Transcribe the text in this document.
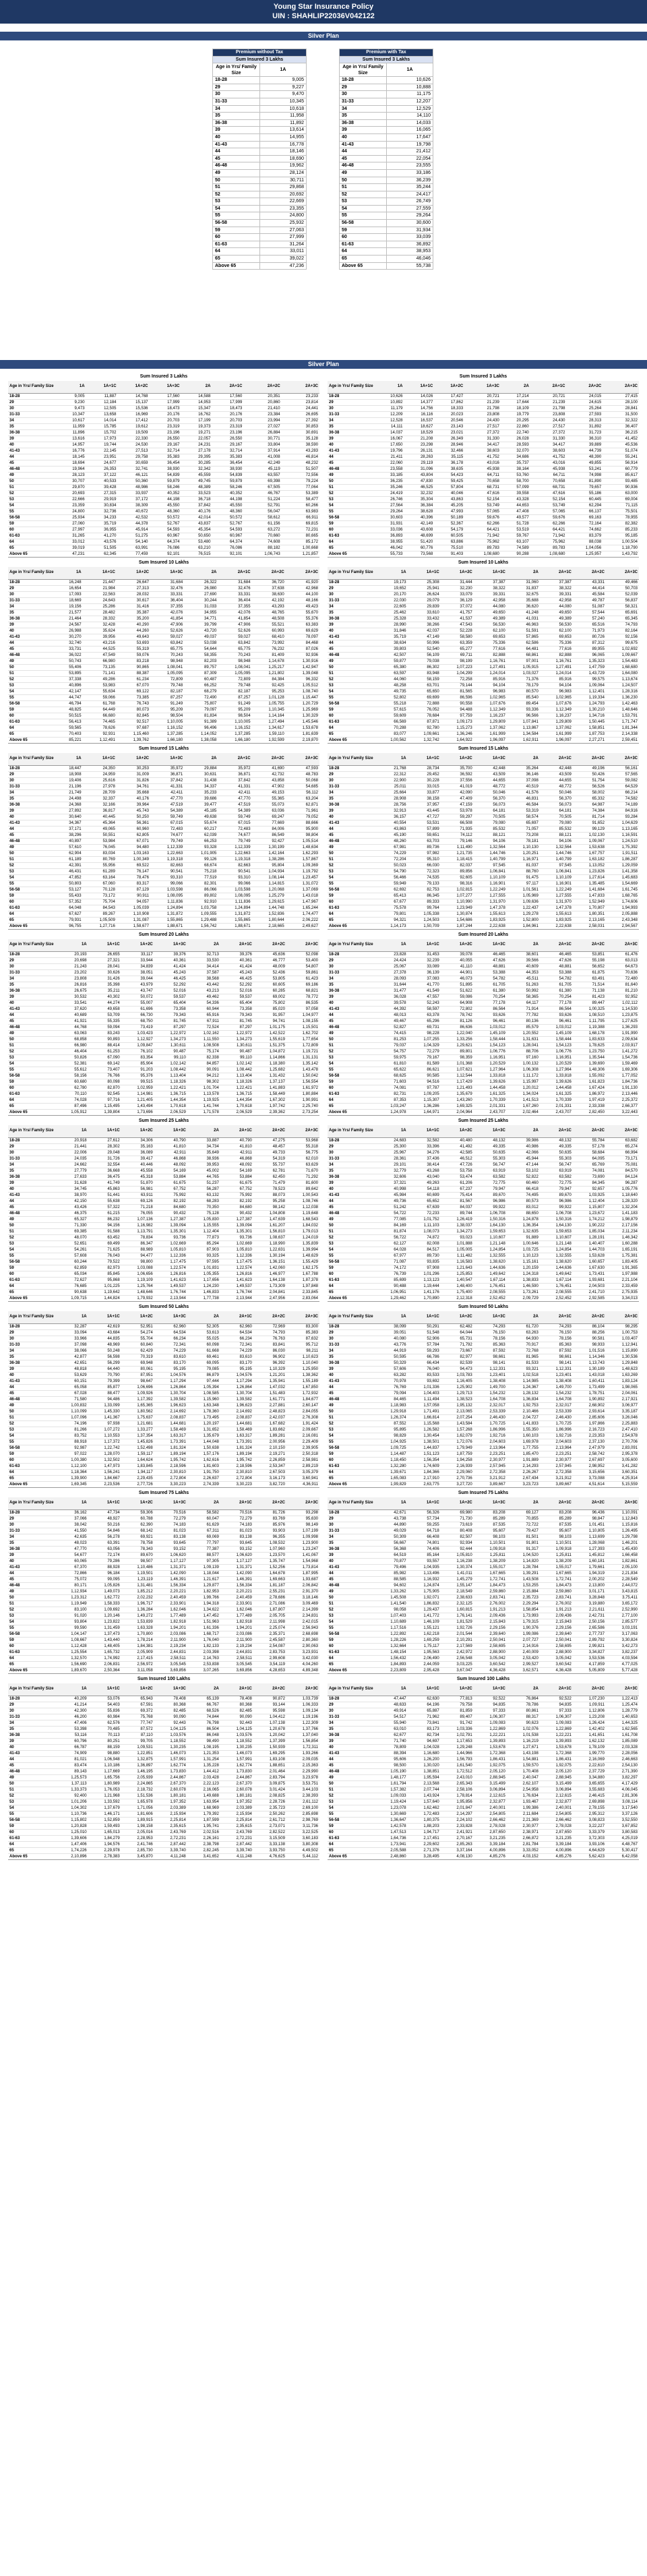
Young Star Insurance Policy
UIN : SHAHLIP22036V042122
Silver Plan
Premium without Tax	
Sum Insured 3 Lakhs	
Age in Yrs/ Family Size	1A
18-28	9,005
29	9,227
30	9,470
31-33	10,345
34	10,618
35	11,958
36-38	11,892
39	13,614
40	14,955
41-43	16,778
44	18,146
45	18,690
46-48	19,962
49	28,124
50	30,711
51	29,868
52	20,692
53	22,669
54	23,355
55	24,800
56-58	25,932
59	27,063
60	27,999
61-63	31,264
64	33,011
65	39,022
Above 65	47,236
Premium with Tax	
Sum Insured 3 Lakhs	
Age in Yrs/ Family Size	1A
18-28	10,626
29	10,888
30	11,175
31-33	12,207
34	12,529
35	14,110
36-38	14,033
39	16,065
40	17,647
41-43	19,798
44	21,412
45	22,054
46-48	23,555
49	33,186
50	36,239
51	35,244
52	24,417
53	26,749
54	27,559
55	29,264
56-58	30,600
59	31,934
60	33,039
61-63	36,892
64	38,953
65	46,046
Above 65	55,738
Silver Plan
Sum Insured 3 Lakhs
Age in Yrs/ Family Size	1A	1A+1C	1A+2C	1A+3C	2A	2A+1C	2A+2C	2A+3C
18-28	9,005	11,887	14,768	17,560	14,588	17,560	20,351	23,233
29	9,230	12,184	15,137	17,999	14,953	17,999	20,860	23,814
30	9,473	12,505	15,536	18,473	15,347	18,473	21,410	24,441
31-33	10,347	13,658	16,969	20,176	16,762	20,176	23,384	26,695
34	10,617	14,014	17,412	20,703	17,199	20,703	23,994	27,392
35	11,959	15,785	19,612	23,319	19,373	23,319	27,027	30,853
36-38	11,896	15,702	19,509	23,196	19,271	23,196	26,884	30,691
39	13,616	17,973	22,330	26,550	22,057	26,550	30,771	35,128
40	14,957	19,744	24,530	29,167	24,231	29,167	33,804	38,590
41-43	16,776	22,145	27,513	32,714	27,178	32,714	37,914	43,283
44	18,145	23,951	29,758	35,383	29,395	35,383	41,008	46,814
45	18,694	24,677	30,659	36,454	30,285	36,454	42,249	48,232
46-48	19,964	26,353	32,741	38,930	32,342	38,930	45,119	51,507
49	28,123	37,122	46,121	54,839	45,559	54,839	63,557	72,556
50	30,707	40,533	50,360	59,879	49,745	59,879	69,398	79,224
51	29,870	39,428	48,986	58,246	48,389	58,246	67,505	77,064
52	20,693	27,315	33,937	40,352	33,523	40,352	46,767	53,389
53	22,666	29,919	37,172	44,198	36,718	44,198	51,224	58,477
54	23,359	30,834	38,309	45,550	37,842	45,550	52,791	60,266
55	24,800	32,736	40,672	48,360	40,176	48,360	56,047	63,983
56-58	25,934	34,233	42,532	50,572	42,014	50,572	58,612	66,911
59	27,060	35,719	44,378	52,767	43,837	52,767	61,156	69,815
60	27,997	36,955	45,914	54,593	45,354	54,593	63,272	72,231
61-63	31,265	41,270	51,275	60,967	50,650	60,967	70,660	80,665
64	33,012	43,576	54,140	64,374	53,480	64,374	74,608	85,172
65	39,019	51,505	63,991	76,086	63,210	76,086	88,182	1,00,668
Above 65	47,231	62,345	77,459	92,101	76,515	92,101	1,06,743	1,21,857
Sum Insured 3 Lakhs
Age in Yrs/ Family Size	1A	1A+1C	1A+2C	1A+3C	2A	2A+1C	2A+2C	2A+3C
18-28	10,626	14,026	17,427	20,721	17,214	20,721	24,015	27,415
29	10,892	14,377	17,862	21,239	17,644	21,239	24,615	28,100
30	11,179	14,756	18,333	21,798	18,109	21,798	25,264	28,841
31-33	12,209	16,116	20,023	23,808	19,779	23,808	27,593	31,500
34	12,528	16,537	20,546	24,430	20,295	24,430	28,313	32,322
35	14,111	18,627	23,143	27,517	22,860	27,517	31,892	36,407
36-38	14,037	18,529	23,021	27,372	22,740	27,372	31,723	36,215
39	16,067	21,208	26,349	31,330	26,028	31,330	36,310	41,452
40	17,650	23,298	28,946	34,417	28,593	34,417	39,889	45,536
41-43	19,796	26,131	32,466	38,603	32,070	38,603	44,739	51,074
44	21,411	28,263	35,115	41,752	34,686	41,752	48,390	55,241
45	22,060	29,119	36,178	43,016	35,737	43,016	49,855	56,914
46-48	23,558	31,096	38,635	45,938	38,164	45,938	53,241	60,779
49	33,185	43,804	54,423	64,711	53,760	64,711	74,998	85,617
50	36,235	47,830	59,425	70,658	58,700	70,658	81,890	93,485
51	35,246	46,525	57,804	68,731	57,099	68,731	79,657	90,936
52	24,419	32,232	40,046	47,616	39,558	47,616	55,186	63,000
53	26,746	35,304	43,863	52,154	43,328	52,154	60,445	69,004
54	27,564	36,384	45,205	53,749	44,653	53,749	62,294	71,115
55	29,264	38,628	47,993	57,065	47,408	57,065	66,137	75,501
56-58	30,603	40,396	50,189	59,676	49,577	59,676	69,163	78,955
59	31,931	42,149	52,367	62,266	51,728	62,266	72,164	82,382
60	33,036	43,608	54,179	64,421	53,519	64,421	74,662	85,233
61-63	36,893	48,699	60,505	71,942	59,767	71,942	83,379	95,185
64	38,955	51,420	63,886	75,962	63,107	75,962	88,038	1,00,504
65	46,042	60,776	75,510	89,783	74,589	89,783	1,04,056	1,18,790
Above 65	55,733	73,568	91,403	1,08,680	90,288	1,08,680	1,25,957	1,43,792
Sum Insured 10 Lakhs
Age in Yrs/ Family Size	1A	1A+1C	1A+2C	1A+3C	2A	2A+1C	2A+2C	2A+3C
18-28	16,248	21,447	26,647	31,684	26,322	31,684	36,720	41,920
29	16,654	21,984	27,313	32,476	26,980	32,476	37,638	42,968
30	17,093	22,563	28,032	33,331	27,690	33,331	38,630	44,100
31-33	18,669	24,643	30,617	36,404	30,244	36,404	42,192	48,166
34	19,156	25,286	31,416	37,355	31,033	37,355	43,293	49,423
35	21,577	28,482	35,387	42,076	34,955	42,076	48,765	55,670
36-38	21,464	28,332	35,200	41,854	34,771	41,854	48,508	55,376
39	24,567	32,428	40,290	47,906	39,799	47,906	55,521	63,383
40	26,988	35,624	44,260	52,626	43,720	52,626	60,993	69,629
41-43	30,270	39,956	49,643	59,027	49,037	59,027	68,410	78,097
44	32,740	43,216	53,693	63,842	53,038	63,842	73,992	84,468
45	33,731	44,525	55,319	65,775	54,644	65,775	76,232	87,026
46-48	36,022	47,549	59,076	70,243	58,355	70,243	81,409	92,936
49	50,743	66,980	83,218	98,948	82,203	98,948	1,14,678	1,30,916
50	55,406	73,135	90,865	1,08,041	89,757	1,08,041	1,25,217	1,42,947
51	53,895	71,141	88,387	1,05,095	87,309	1,05,095	1,21,802	1,39,048
52	37,338	49,286	61,234	72,809	60,487	72,809	84,384	96,332
53	40,896	53,983	67,070	79,748	66,252	79,748	92,425	1,05,512
54	42,147	55,634	69,122	82,187	68,279	82,187	95,253	1,08,740
55	44,747	59,066	73,385	87,257	72,490	87,257	1,01,128	1,15,447
56-58	46,794	61,768	76,743	91,249	75,807	91,249	1,05,755	1,20,729
59	48,825	64,449	80,073	95,209	79,097	95,209	1,10,345	1,25,969
60	50,515	66,680	82,845	98,504	81,834	98,504	1,14,164	1,30,329
61-63	56,413	74,465	92,517	1,10,005	91,389	1,10,005	1,27,494	1,45,546
64	59,565	78,626	97,687	1,16,152	96,496	1,16,152	1,34,617	1,53,678
65	70,403	92,931	1,15,460	1,37,285	1,14,052	1,37,285	1,59,110	1,81,639
Above 65	85,221	1,12,491	1,39,762	1,66,180	1,38,058	1,66,180	1,92,599	2,19,870
Sum Insured 10 Lakhs
Age in Yrs/ Family Size	1A	1A+1C	1A+2C	1A+3C	2A	2A+1C	2A+2C	2A+3C
18-28	19,173	25,308	31,444	37,387	31,060	37,387	43,331	49,466
29	19,652	25,941	32,230	38,322	31,837	38,322	44,414	50,703
30	20,170	26,624	33,079	39,331	32,675	39,331	45,584	52,039
31-33	22,030	29,079	36,129	42,958	35,688	42,958	49,787	56,837
34	22,605	29,839	37,072	44,080	36,620	44,080	51,087	58,321
35	25,462	33,610	41,757	49,650	41,248	49,650	57,544	65,691
36-38	25,328	33,432	41,537	49,389	41,031	49,389	57,240	65,345
39	28,990	38,266	47,543	56,530	46,963	56,530	65,516	74,793
40	31,846	42,037	52,228	62,100	51,591	62,100	71,973	82,164
41-43	35,719	47,149	58,580	69,653	57,865	69,653	80,726	92,156
44	38,634	50,996	63,359	75,336	62,586	75,336	87,312	99,675
45	39,803	52,540	65,277	77,616	64,481	77,616	89,955	1,02,692
46-48	42,507	56,109	69,711	82,888	68,861	82,888	96,065	1,09,667
49	59,877	79,038	98,199	1,16,761	97,001	1,16,761	1,35,323	1,54,483
50	65,380	86,302	1,07,223	1,27,491	1,05,915	1,27,491	1,47,759	1,68,680
51	63,597	83,948	1,04,299	1,24,014	1,03,027	1,24,014	1,43,729	1,64,080
52	44,060	58,159	72,258	85,916	71,376	85,916	99,575	1,13,674
53	48,258	63,701	79,144	94,104	78,179	94,104	1,09,064	1,24,507
54	49,735	65,650	81,565	96,983	80,570	96,983	1,12,401	1,28,316
55	52,802	69,699	86,596	1,02,965	85,540	1,02,965	1,19,334	1,36,230
56-58	55,218	72,888	90,558	1,07,676	89,454	1,07,676	1,24,793	1,42,463
59	57,615	76,052	94,488	1,12,349	93,336	1,12,349	1,30,210	1,48,646
60	59,609	78,684	97,759	1,16,237	96,566	1,16,237	1,34,716	1,53,791
61-63	66,569	87,871	1,09,173	1,29,809	1,07,841	1,29,809	1,50,445	1,71,747
64	70,288	92,780	1,15,273	1,37,062	1,13,867	1,37,062	1,58,851	1,81,344
65	83,077	1,09,661	1,36,246	1,61,999	1,34,584	1,61,999	1,87,753	2,14,338
Above 65	1,00,562	1,32,742	1,64,922	1,96,097	1,62,911	1,96,097	2,27,271	2,59,451
Sum Insured 15 Lakhs
Age in Yrs/ Family Size	1A	1A+1C	1A+2C	1A+3C	2A	2A+1C	2A+2C	2A+3C
18-28	18,447	24,350	30,253	35,972	29,884	35,972	41,690	47,593
29	18,908	24,959	31,009	36,871	30,631	36,871	42,732	48,783
30	19,406	25,616	31,826	37,842	31,438	37,842	43,858	50,068
31-33	21,196	27,978	34,761	41,331	34,337	41,331	47,902	54,685
34	21,749	28,709	35,668	42,411	35,233	42,411	49,153	56,112
35	24,498	32,337	40,176	47,770	39,686	47,770	55,365	63,204
36-38	24,368	32,166	39,964	47,519	39,477	47,519	55,073	62,871
39	27,892	36,817	45,743	54,389	45,185	54,389	63,036	71,961
40	30,640	40,445	50,250	59,749	49,638	59,749	69,247	79,052
41-43	34,367	45,364	56,361	67,015	55,674	67,015	77,669	88,666
44	37,171	49,065	60,960	72,483	60,217	72,483	84,006	95,900
45	38,296	50,551	62,805	74,677	62,039	74,677	86,549	98,804
46-48	40,897	53,984	67,071	79,749	66,253	79,749	92,427	1,05,514
49	57,610	76,045	94,480	1,12,339	93,328	1,12,339	1,30,199	1,48,634
50	62,904	83,034	1,03,163	1,22,663	1,01,905	1,22,663	1,42,164	1,62,293
51	61,189	80,769	1,00,349	1,19,318	99,126	1,19,318	1,38,286	1,57,867
52	42,391	55,956	69,522	82,663	68,674	82,663	95,804	1,09,369
53	46,431	61,289	76,147	90,541	75,218	90,541	1,04,934	1,19,792
54	47,852	63,164	78,476	93,310	77,519	93,310	1,08,144	1,23,457
55	50,803	67,060	83,317	99,066	82,301	99,066	1,14,815	1,31,072
56-58	53,127	70,128	87,129	1,03,598	86,066	1,03,598	1,20,068	1,37,069
59	55,433	73,172	90,911	1,08,095	89,802	1,08,095	1,25,279	1,43,018
60	57,352	75,704	94,057	1,11,836	92,910	1,11,836	1,29,615	1,47,967
61-63	64,048	84,543	1,05,039	1,24,894	1,03,758	1,24,894	1,44,748	1,65,244
64	67,627	89,267	1,10,908	1,31,872	1,09,555	1,31,872	1,52,836	1,74,477
65	79,931	1,05,509	1,31,087	1,55,865	1,29,488	1,55,865	1,80,644	2,06,222
Above 65	96,755	1,27,716	1,58,677	1,88,671	1,56,742	1,88,671	2,18,665	2,49,627
Sum Insured 15 Lakhs
Age in Yrs/ Family Size	1A	1A+1C	1A+2C	1A+3C	2A	2A+1C	2A+2C	2A+3C
18-28	21,768	28,734	35,700	42,448	35,264	42,448	49,196	56,161
29	22,312	29,452	36,592	43,509	36,146	43,509	50,426	57,565
30	22,900	30,228	37,556	44,655	37,098	44,655	51,754	59,082
31-33	25,011	33,015	41,019	48,772	40,519	48,772	56,526	64,529
34	25,664	33,877	42,090	50,046	41,576	50,046	58,002	66,214
35	28,908	38,158	47,409	56,370	46,831	56,370	65,332	74,582
36-38	28,756	37,957	47,159	56,073	46,584	56,073	64,987	74,189
39	32,913	43,445	53,978	64,181	53,319	64,181	74,384	84,916
40	36,157	47,727	59,297	70,505	58,574	70,505	81,714	93,284
41-43	40,554	53,531	66,508	79,080	65,697	79,080	91,652	1,04,629
44	43,863	57,899	71,935	85,532	71,057	85,532	99,129	1,13,165
45	45,190	59,651	74,112	88,121	73,208	88,121	1,02,130	1,16,591
46-48	48,260	63,703	79,146	94,106	78,181	94,106	1,09,067	1,24,510
49	67,981	89,736	1,11,490	1,32,564	1,10,130	1,32,564	1,53,638	1,75,392
50	74,229	97,982	1,21,735	1,44,746	1,20,251	1,44,746	1,67,757	1,91,511
51	72,204	95,310	1,18,415	1,40,799	1,16,971	1,40,799	1,63,182	1,86,287
52	50,023	66,030	82,037	97,545	81,037	97,545	1,13,052	1,29,059
53	54,790	72,323	89,856	1,06,841	88,760	1,06,841	1,23,826	1,41,358
54	56,466	74,535	92,605	1,10,109	91,475	1,10,109	1,27,614	1,45,683
55	59,949	79,133	98,316	1,16,901	97,117	1,16,901	1,35,485	1,54,669
56-58	62,692	82,753	1,02,815	1,22,249	1,01,561	1,22,249	1,41,684	1,61,745
59	65,413	86,345	1,07,277	1,27,555	1,05,969	1,27,555	1,47,833	1,68,765
60	67,677	89,333	1,10,990	1,31,970	1,09,636	1,31,970	1,52,949	1,74,606
61-63	75,578	99,764	1,23,949	1,47,378	1,22,437	1,47,378	1,70,807	1,94,993
64	79,801	1,05,338	1,30,874	1,55,613	1,29,278	1,55,613	1,80,351	2,05,888
65	94,321	1,24,503	1,54,686	1,83,925	1,52,800	1,83,925	2,13,165	2,43,348
Above 65	1,14,173	1,50,709	1,87,244	2,22,638	1,84,961	2,22,638	2,58,031	2,94,567
Sum Insured 20 Lakhs
Age in Yrs/ Family Size	1A	1A+1C	1A+2C	1A+3C	2A	2A+1C	2A+2C	2A+3C
18-28	20,193	26,655	33,117	39,376	32,713	39,376	45,636	52,098
29	20,698	27,321	33,944	40,361	33,530	40,361	46,777	53,400
30	21,243	28,041	34,839	41,424	34,414	41,424	48,009	54,807
31-33	23,202	30,626	38,051	45,243	37,587	45,243	52,436	59,861
34	23,808	31,426	39,044	46,425	38,568	46,425	53,805	61,423
35	26,816	35,398	43,979	52,292	43,442	52,292	60,605	69,186
36-38	26,675	35,211	43,747	52,016	43,213	52,016	60,285	68,821
39	30,532	40,302	50,072	59,537	49,462	59,537	69,002	78,772
40	33,541	44,274	55,007	65,404	54,336	65,404	75,802	86,535
41-43	37,620	49,658	61,696	73,358	60,944	73,358	85,020	97,058
44	40,689	53,709	66,730	79,343	65,916	79,343	91,957	1,04,977
45	41,921	55,335	68,750	81,745	67,911	81,745	94,741	1,08,155
46-48	44,768	59,094	73,419	87,297	72,524	87,297	1,01,175	1,15,501
49	63,063	83,243	1,03,423	1,22,972	1,02,162	1,22,972	1,42,522	1,62,702
50	68,858	90,893	1,12,927	1,34,273	1,11,550	1,34,273	1,55,619	1,77,654
51	66,980	88,414	1,09,847	1,30,611	1,08,508	1,30,611	1,51,375	1,72,809
52	46,404	61,253	76,102	90,487	75,174	90,487	1,04,872	1,19,721
53	50,826	67,090	83,354	99,110	82,338	99,110	1,14,866	1,31,131
54	52,381	69,142	85,904	1,02,142	84,857	1,02,142	1,18,380	1,35,142
55	55,612	73,407	91,203	1,08,442	90,091	1,08,442	1,25,682	1,43,478
56-58	58,156	76,766	95,376	1,13,404	94,212	1,13,404	1,31,432	1,50,042
59	60,680	80,098	99,515	1,18,326	98,302	1,18,326	1,37,137	1,56,554
60	62,780	82,870	1,02,959	1,22,421	1,01,704	1,22,421	1,41,883	1,61,972
61-63	70,110	92,545	1,14,981	1,36,715	1,13,578	1,36,715	1,58,449	1,80,884
64	74,028	97,716	1,21,405	1,44,354	1,19,925	1,44,354	1,67,302	1,90,991
65	87,496	1,15,495	1,43,494	1,70,618	1,41,744	1,70,618	1,97,742	2,25,740
Above 65	1,05,912	1,39,804	1,73,696	2,06,529	1,71,578	2,06,529	2,39,362	2,73,254
Sum Insured 20 Lakhs
Age in Yrs/ Family Size	1A	1A+1C	1A+2C	1A+3C	2A	2A+1C	2A+2C	2A+3C
18-28	23,828	31,453	39,078	46,465	38,601	46,465	53,851	61,476
29	24,424	32,239	40,055	47,626	39,566	47,626	55,198	63,013
30	25,067	33,089	41,110	48,881	40,609	48,881	56,652	64,673
31-33	27,378	36,139	44,901	53,388	44,353	53,388	61,875	70,636
34	28,093	37,083	46,073	54,782	45,511	54,782	63,491	72,480
35	31,644	41,770	51,895	61,705	51,263	61,705	71,514	81,640
36-38	31,477	41,549	51,622	61,380	50,992	61,380	71,138	81,210
39	36,028	47,557	59,086	70,254	58,365	70,254	81,423	92,952
40	39,578	52,243	64,908	77,178	64,117	77,178	89,447	1,02,112
41-43	44,392	58,597	72,802	86,564	71,914	86,564	1,00,325	1,14,530
44	48,013	63,378	78,742	93,626	77,782	93,626	1,08,510	1,23,875
45	49,467	65,296	81,126	96,461	80,136	96,461	1,11,795	1,27,625
46-48	52,827	69,731	86,636	1,03,012	85,579	1,03,012	1,19,388	1,36,293
49	74,415	98,228	1,22,040	1,45,109	1,20,552	1,45,109	1,68,178	1,91,990
50	81,253	1,07,255	1,33,256	1,58,444	1,31,631	1,58,444	1,83,633	2,09,634
51	79,037	1,04,329	1,29,621	1,54,123	1,28,041	1,54,123	1,78,625	2,03,917
52	54,757	72,279	89,801	1,06,776	88,706	1,06,776	1,23,750	1,41,272
53	59,975	79,167	98,359	1,16,951	97,160	1,16,951	1,35,544	1,54,736
54	61,810	81,589	1,01,368	1,20,529	1,00,132	1,20,529	1,39,690	1,59,469
55	65,622	86,621	1,07,621	1,27,964	1,06,308	1,27,964	1,48,306	1,69,306
56-58	68,625	90,585	1,12,544	1,33,818	1,11,172	1,33,818	1,55,092	1,77,052
59	71,603	94,516	1,17,429	1,39,626	1,15,997	1,39,626	1,61,823	1,84,736
60	74,081	97,787	1,21,493	1,44,458	1,20,012	1,44,458	1,67,424	1,91,130
61-63	82,731	1,09,205	1,35,679	1,61,325	1,34,024	1,61,325	1,86,972	2,13,446
64	87,353	1,15,307	1,43,260	1,70,339	1,41,513	1,70,339	1,97,419	2,25,372
65	1,03,247	1,36,286	1,69,325	2,01,331	1,67,260	2,01,331	2,33,338	2,66,377
Above 65	1,24,978	1,64,971	2,04,964	2,43,707	2,02,464	2,43,707	2,82,450	3,22,443
Sum Insured 25 Lakhs
Age in Yrs/ Family Size	1A	1A+1C	1A+2C	1A+3C	2A	2A+1C	2A+2C	2A+3C
18-28	20,918	27,612	34,306	40,790	33,887	40,790	47,275	53,968
29	21,441	28,302	35,163	41,810	34,734	41,810	48,457	55,318
30	22,006	29,048	36,089	42,911	35,649	42,911	49,733	56,775
31-33	24,035	31,726	39,417	46,868	38,936	46,868	54,319	62,010
34	24,662	32,554	40,446	48,092	39,953	48,092	55,737	63,629
35	27,779	36,668	45,558	54,169	45,002	54,169	62,781	71,670
36-38	27,633	36,475	45,318	53,884	44,765	53,884	62,450	71,292
39	31,628	41,749	51,870	61,675	51,237	61,675	71,479	81,600
40	34,745	45,863	56,981	67,752	56,287	67,752	78,523	89,642
41-43	38,970	51,441	63,911	75,992	63,132	75,992	88,073	1,00,543
44	42,150	55,638	69,126	82,192	68,283	82,192	95,258	1,08,746
45	43,426	57,322	71,218	84,680	70,350	84,680	98,142	1,12,038
46-48	46,375	61,215	76,055	90,432	75,128	90,432	1,04,808	1,19,648
49	65,327	86,232	1,07,136	1,27,387	1,05,830	1,27,387	1,47,639	1,68,543
50	71,330	94,156	1,16,982	1,39,094	1,15,555	1,39,094	1,61,207	1,84,032
51	69,385	91,588	1,13,791	1,35,301	1,12,404	1,35,301	1,56,810	1,79,013
52	48,070	63,452	78,834	93,736	77,873	93,736	1,08,637	1,24,019
53	52,651	69,499	86,347	1,02,669	85,294	1,02,669	1,18,990	1,35,839
54	54,261	71,625	88,989	1,05,810	87,903	1,05,810	1,22,631	1,39,994
55	57,608	76,043	94,477	1,12,336	93,325	1,12,336	1,30,194	1,48,629
56-58	60,244	79,522	98,800	1,17,475	97,595	1,17,475	1,36,151	1,55,429
59	62,859	82,973	1,03,088	1,22,574	1,01,831	1,22,574	1,42,060	1,62,175
60	65,034	85,845	1,06,656	1,26,816	1,05,355	1,26,816	1,46,977	1,67,788
61-63	72,627	95,868	1,19,109	1,41,623	1,17,656	1,41,623	1,64,138	1,87,378
64	76,685	1,01,225	1,25,764	1,49,537	1,24,230	1,49,537	1,73,309	1,97,848
65	90,638	1,19,642	1,48,646	1,76,744	1,46,833	1,76,744	2,04,841	2,33,845
Above 65	1,09,715	1,44,824	1,79,932	2,13,944	1,77,738	2,13,944	2,47,956	2,83,064
Sum Insured 25 Lakhs
Age in Yrs/ Family Size	1A	1A+1C	1A+2C	1A+3C	2A	2A+1C	2A+2C	2A+3C
18-28	24,683	32,582	40,480	48,132	39,986	48,132	55,784	63,682
29	25,300	33,396	41,492	49,335	40,986	49,335	57,178	65,274
30	25,967	34,276	42,585	50,635	42,066	50,635	58,684	66,994
31-33	28,361	37,436	46,512	55,303	45,944	55,303	64,095	73,171
34	29,101	38,414	47,726	56,747	47,144	56,747	65,769	75,081
35	32,779	43,268	53,758	63,919	53,102	63,919	74,081	84,570
36-38	32,606	43,040	53,474	63,582	52,822	63,582	73,690	84,124
39	37,321	49,263	61,206	72,775	60,460	72,775	84,345	96,287
40	40,998	54,118	67,237	79,947	66,418	79,947	92,657	1,05,776
41-43	45,984	60,699	75,414	89,670	74,495	89,670	1,03,925	1,18,640
44	49,736	65,652	81,567	96,986	80,573	96,986	1,12,404	1,28,320
45	51,242	67,639	84,037	99,922	83,012	99,922	1,15,807	1,32,204
46-48	54,722	72,233	89,744	1,06,708	88,650	1,06,708	1,23,672	1,41,183
49	77,085	1,01,752	1,26,419	1,50,316	1,24,878	1,50,316	1,74,212	1,98,879
50	84,169	1,11,103	1,38,037	1,64,130	1,36,354	1,64,130	1,90,222	2,17,156
51	81,874	1,08,073	1,34,273	1,59,653	1,32,635	1,59,653	1,85,034	2,11,234
52	56,722	74,872	93,023	1,10,607	91,889	1,10,607	1,28,191	1,46,342
53	62,127	82,008	1,01,888	1,21,148	1,00,646	1,21,148	1,40,407	1,60,288
54	64,028	84,517	1,05,005	1,24,854	1,03,725	1,24,854	1,44,703	1,65,191
55	67,977	89,730	1,11,482	1,32,555	1,10,123	1,32,555	1,53,628	1,75,381
56-58	71,087	93,835	1,16,583	1,38,620	1,15,161	1,38,620	1,60,657	1,83,405
59	74,172	97,908	1,21,643	1,44,636	1,20,159	1,44,636	1,67,630	1,91,365
60	76,739	1,01,296	1,25,853	1,49,642	1,24,318	1,49,642	1,73,431	1,97,988
61-63	85,699	1,13,123	1,40,547	1,67,114	1,38,833	1,67,114	1,93,681	2,21,104
64	90,488	1,19,444	1,48,400	1,76,451	1,46,590	1,76,451	2,04,503	2,33,459
65	1,06,951	1,41,176	1,75,400	2,08,555	1,73,261	2,08,555	2,41,710	2,75,935
Above 65	1,29,462	1,70,890	2,12,318	2,52,452	2,09,729	2,52,452	2,92,585	3,34,013
Sum Insured 50 Lakhs
Age in Yrs/ Family Size	1A	1A+1C	1A+2C	1A+3C	2A	2A+1C	2A+2C	2A+3C
18-28	32,287	42,619	52,951	62,960	52,305	62,960	72,969	83,300
29	33,094	43,684	54,274	64,534	53,613	64,534	74,793	85,383
30	33,966	44,835	55,704	66,234	55,025	66,234	76,763	87,632
31-33	37,098	48,969	60,840	72,341	60,098	72,341	83,841	95,712
34	38,066	50,248	62,429	74,229	61,668	74,229	86,030	98,211
35	42,877	56,598	70,319	83,610	69,461	83,610	96,902	1,10,623
36-38	42,651	56,299	69,948	83,170	69,095	83,170	96,392	1,10,040
39	48,818	64,440	80,061	95,195	79,085	95,195	1,10,329	1,25,950
40	53,629	70,790	87,951	1,04,576	86,879	1,04,576	1,21,201	1,38,362
41-43	60,151	79,399	98,647	1,17,294	97,444	1,17,294	1,35,941	1,55,189
44	65,058	85,877	1,06,696	1,26,864	1,05,394	1,26,864	1,47,032	1,67,850
45	67,028	88,477	1,09,926	1,30,704	1,08,585	1,30,704	1,51,483	1,72,932
46-48	71,580	94,486	1,17,392	1,39,582	1,15,960	1,39,582	1,61,771	1,84,677
49	1,00,832	1,33,099	1,65,365	1,96,623	1,63,348	1,96,623	2,27,881	2,60,147
50	1,10,099	1,45,330	1,80,562	2,14,692	1,78,360	2,14,692	2,48,823	2,84,055
51	1,07,096	1,41,367	1,75,637	2,08,837	1,73,495	2,08,837	2,42,037	2,76,308
52	74,196	97,938	1,21,681	1,44,681	1,20,197	1,44,681	1,67,682	1,91,424
53	81,266	1,07,272	1,33,277	1,58,469	1,31,652	1,58,469	1,83,662	2,09,667
54	83,752	1,10,553	1,37,354	1,63,317	1,35,679	1,63,317	1,89,281	2,16,081
55	88,918	1,17,372	1,45,826	1,73,391	1,44,048	1,73,391	2,00,956	2,29,409
56-58	92,987	1,22,742	1,52,498	1,81,324	1,50,638	1,81,324	2,10,150	2,39,905
59	97,022	1,28,070	1,59,117	1,89,194	1,57,176	1,89,194	2,19,271	2,50,318
60	1,00,380	1,32,502	1,64,624	1,95,742	1,62,616	1,95,742	2,26,859	2,58,981
61-63	1,12,100	1,47,973	1,83,845	2,18,596	1,81,603	2,18,596	2,53,347	2,89,219
64	1,18,364	1,56,241	1,94,117	2,30,810	1,91,750	2,30,810	2,67,503	3,05,379
65	1,39,900	1,84,667	2,29,435	2,72,804	2,26,637	2,72,804	3,16,173	3,60,941
Above 65	1,69,345	2,23,536	2,77,726	3,30,223	2,74,339	3,30,223	3,82,720	4,36,911
Sum Insured 50 Lakhs
Age in Yrs/ Family Size	1A	1A+1C	1A+2C	1A+3C	2A	2A+1C	2A+2C	2A+3C
18-28	38,099	50,291	62,482	74,293	61,720	74,293	86,104	98,295
29	39,051	51,548	64,044	76,150	63,263	76,150	88,256	1,00,753
30	40,080	52,906	65,731	78,156	64,930	78,156	90,581	1,03,407
31-33	43,776	57,784	71,792	85,363	70,917	85,363	98,933	1,12,941
34	44,919	59,293	73,667	87,592	72,768	87,592	1,01,516	1,15,890
35	50,595	66,786	82,977	98,661	81,965	98,661	1,14,346	1,30,536
36-38	50,329	66,434	82,539	98,141	81,533	98,141	1,13,743	1,29,848
39	57,606	76,040	94,473	1,12,331	93,321	1,12,331	1,30,189	1,48,623
40	63,282	83,533	1,03,783	1,23,401	1,02,518	1,23,401	1,43,018	1,63,269
41-43	70,978	93,692	1,16,405	1,38,408	1,14,985	1,38,408	1,60,411	1,83,124
44	76,769	1,01,336	1,25,902	1,49,700	1,24,367	1,49,700	1,73,499	1,98,065
45	79,094	1,04,403	1,29,713	1,54,232	1,28,132	1,54,232	1,78,751	2,04,061
46-48	84,465	1,11,494	1,38,523	1,64,708	1,36,834	1,64,708	1,90,892	2,17,921
49	1,18,983	1,57,058	1,95,132	2,32,017	1,92,753	2,32,017	2,68,902	3,06,977
50	1,29,918	1,71,491	2,13,065	2,53,339	2,10,466	2,53,339	2,93,614	3,35,187
51	1,26,374	1,66,814	2,07,254	2,46,430	2,04,727	2,46,430	2,85,606	3,26,046
52	87,552	1,15,568	1,43,584	1,70,725	1,41,833	1,70,725	1,97,866	2,25,883
53	95,895	1,26,582	1,57,268	1,86,996	1,55,350	1,86,996	2,16,723	2,47,410
54	98,829	1,30,454	1,62,079	1,92,716	1,60,103	1,92,716	2,23,353	2,54,978
55	1,04,925	1,38,501	1,72,076	2,04,603	1,69,978	2,04,603	2,37,130	2,70,706
56-58	1,09,725	1,44,837	1,79,949	2,13,964	1,77,755	2,13,964	2,47,979	2,83,091
59	1,14,487	1,51,123	1,87,759	2,23,251	1,85,470	2,23,251	2,58,742	2,95,378
60	1,18,450	1,56,354	1,94,258	2,30,977	1,91,889	2,30,977	2,67,697	3,05,600
61-63	1,32,280	1,74,609	2,16,939	2,57,945	2,14,293	2,57,945	2,98,952	3,41,282
64	1,39,671	1,84,366	2,29,060	2,72,358	2,26,267	2,72,358	3,15,656	3,60,351
65	1,65,083	2,17,910	2,70,736	3,21,912	2,67,434	3,21,912	3,73,088	4,25,914
Above 65	1,99,829	2,63,775	3,27,720	3,89,667	3,23,723	3,89,667	4,51,614	5,15,559
Sum Insured 75 Lakhs
Age in Yrs/ Family Size	1A	1A+1C	1A+2C	1A+3C	2A	2A+1C	2A+2C	2A+3C
18-28	36,162	47,734	59,306	70,516	58,582	70,516	81,726	93,298
29	37,066	48,927	60,788	72,279	60,047	72,279	83,769	95,630
30	38,042	50,216	62,390	74,183	61,629	74,183	85,976	98,149
31-33	41,550	54,846	68,142	81,023	67,311	81,023	93,903	1,07,199
34	42,635	56,278	69,921	83,138	69,069	83,138	96,355	1,09,998
35	48,023	63,391	78,758	93,645	77,797	93,645	1,08,532	1,23,900
36-38	47,770	63,056	78,343	93,152	77,387	93,152	1,07,960	1,23,247
39	54,677	72,174	89,670	1,06,620	88,577	1,06,620	1,23,570	1,41,067
40	60,065	79,286	98,507	1,17,127	97,305	1,17,127	1,35,747	1,54,968
41-43	67,370	88,928	1,10,486	1,31,371	1,09,139	1,31,371	1,52,256	1,73,814
44	72,866	96,184	1,19,501	1,42,090	1,18,044	1,42,090	1,64,678	1,87,995
45	75,072	99,095	1,23,119	1,46,391	1,21,617	1,46,391	1,69,663	1,93,687
46-48	80,171	1,05,826	1,31,481	1,56,334	1,29,877	1,56,334	1,81,187	2,06,842
49	1,12,934	1,49,073	1,85,212	2,20,221	1,82,953	2,20,221	2,55,231	2,91,370
50	1,23,312	1,62,772	2,02,232	2,40,459	1,99,766	2,40,459	2,78,686	3,18,146
51	1,19,949	1,58,333	1,96,717	2,33,901	1,94,318	2,33,901	2,71,086	3,09,469
52	83,100	1,09,692	1,36,284	1,62,046	1,34,622	1,62,046	1,87,807	2,14,399
53	91,020	1,20,146	1,49,272	1,77,489	1,47,452	1,77,489	2,05,705	2,34,831
54	93,804	1,23,822	1,53,839	1,82,918	1,51,963	1,82,918	2,11,998	2,42,015
55	99,590	1,31,459	1,63,328	1,94,201	1,61,336	1,94,201	2,25,074	2,56,943
56-58	1,04,147	1,37,473	1,70,800	2,03,086	1,68,717	2,03,086	2,35,371	2,68,698
59	1,08,667	1,43,440	1,78,214	2,11,900	1,76,040	2,11,900	2,45,587	2,80,360
60	1,12,428	1,48,405	1,84,381	2,19,234	1,82,133	2,19,234	2,54,087	2,90,063
61-63	1,25,554	1,65,732	2,05,909	2,44,831	2,03,398	2,44,831	2,83,753	3,23,931
64	1,32,570	1,74,992	2,17,415	2,58,511	2,14,763	2,58,511	2,99,608	3,42,030
65	1,56,690	2,06,831	2,56,972	3,05,545	2,53,838	3,05,545	3,54,119	4,04,260
Above 65	1,89,670	2,50,364	3,11,058	3,69,856	3,07,265	3,69,856	4,28,653	4,89,348
Sum Insured 75 Lakhs
Age in Yrs/ Family Size	1A	1A+1C	1A+2C	1A+3C	2A	2A+1C	2A+2C	2A+3C
18-28	42,671	56,326	69,980	83,208	69,127	83,208	96,436	1,10,091
29	43,738	57,734	71,730	85,289	70,855	85,289	98,847	1,12,843
30	44,890	59,255	73,619	87,535	72,722	87,535	1,01,451	1,15,816
31-33	49,029	64,718	80,408	95,607	79,427	95,607	1,10,805	1,26,495
34	50,309	66,408	82,507	98,103	81,501	98,103	1,13,699	1,29,798
35	56,667	74,801	92,934	1,10,501	91,801	1,10,501	1,28,068	1,46,201
36-38	56,368	74,406	92,444	1,09,918	91,317	1,09,918	1,27,393	1,45,430
39	64,519	85,164	1,05,810	1,25,811	1,04,520	1,25,811	1,45,812	1,66,458
40	70,877	93,557	1,16,238	1,38,209	1,14,820	1,38,209	1,60,181	1,82,861
41-43	79,496	1,04,935	1,30,374	1,55,017	1,28,784	1,55,017	1,79,661	2,05,100
44	85,982	1,13,496	1,41,011	1,67,665	1,39,291	1,67,665	1,94,319	2,21,834
45	88,585	1,16,932	1,45,279	1,72,741	1,43,508	1,72,741	2,00,202	2,28,549
46-48	94,602	1,24,874	1,55,147	1,84,473	1,53,255	1,84,473	2,13,800	2,44,072
49	1,33,262	1,75,905	2,18,549	2,59,860	2,15,884	2,59,860	3,01,171	3,43,815
50	1,45,508	1,92,071	2,38,633	2,83,741	2,35,723	2,83,741	3,28,848	3,75,411
51	1,41,540	1,86,832	2,32,125	2,76,002	2,29,294	2,76,002	3,19,880	3,65,172
52	98,058	1,29,437	1,60,815	1,91,213	1,58,854	1,91,213	2,21,611	2,52,990
53	1,07,403	1,41,772	1,76,141	2,09,436	1,73,993	2,09,436	2,42,731	2,77,100
54	1,10,689	1,46,109	1,81,529	2,15,843	1,79,315	2,15,843	2,50,156	2,85,577
55	1,17,516	1,55,121	1,92,726	2,29,156	1,90,376	2,29,156	2,65,586	3,03,191
56-58	1,22,892	1,62,218	2,01,544	2,39,640	1,99,086	2,39,640	2,77,737	3,17,063
59	1,28,226	1,69,259	2,10,291	2,50,041	2,07,727	2,50,041	2,89,792	3,30,824
60	1,32,664	1,75,117	2,17,569	2,58,695	2,14,916	2,58,695	2,99,821	3,42,273
61-63	1,48,154	1,95,563	2,42,972	2,88,900	2,40,009	2,88,900	3,34,827	3,82,237
64	1,56,432	2,06,490	2,56,548	3,05,042	2,53,420	3,05,042	3,53,536	4,03,594
65	1,84,893	2,44,059	3,03,225	3,60,542	2,99,527	3,60,542	4,17,859	4,77,025
Above 65	2,23,809	2,95,428	3,67,047	4,36,428	3,62,571	4,36,428	5,05,809	5,77,428
Sum Insured 100 Lakhs
Age in Yrs/ Family Size	1A	1A+1C	1A+2C	1A+3C	2A	2A+1C	2A+2C	2A+3C
18-28	40,209	53,076	65,943	78,408	65,139	78,408	90,872	1,03,739
29	41,214	54,403	67,591	80,368	66,767	80,368	93,144	1,06,333
30	42,300	55,836	69,372	82,485	68,526	82,485	95,598	1,09,134
31-33	46,200	60,984	75,768	90,090	74,844	90,090	1,04,412	1,19,196
34	47,406	62,576	77,747	92,443	76,798	92,443	1,07,138	1,22,309
35	53,398	70,485	87,572	1,04,125	86,504	1,04,125	1,20,678	1,37,766
36-38	53,116	70,113	87,110	1,03,576	86,048	1,03,576	1,20,042	1,37,040
39	60,796	80,251	99,705	1,18,552	98,490	1,18,552	1,37,399	1,56,854
40	66,787	88,159	1,09,531	1,30,235	1,08,195	1,30,235	1,50,939	1,72,311
41-43	74,909	98,880	1,22,851	1,46,073	1,21,353	1,46,073	1,69,295	1,93,266
44	81,021	1,06,948	1,32,875	1,57,991	1,31,254	1,57,991	1,83,108	2,09,035
45	83,474	1,10,186	1,36,897	1,62,774	1,35,228	1,62,774	1,88,651	2,15,363
46-48	89,143	1,17,669	1,46,195	1,73,830	1,44,412	1,73,830	2,01,464	2,29,990
49	1,25,573	1,65,756	2,05,939	2,44,867	2,03,428	2,44,867	2,83,794	3,23,978
50	1,37,113	1,80,989	2,24,865	2,67,370	2,22,123	2,67,370	3,09,875	3,53,751
51	1,33,373	1,76,053	2,18,732	2,60,078	2,16,065	2,60,078	3,01,424	3,44,103
52	92,400	1,21,968	1,51,536	1,80,181	1,49,688	1,80,181	2,08,825	2,38,393
53	1,01,206	1,33,592	1,65,978	1,97,352	1,63,954	1,97,352	2,28,726	2,61,112
54	1,04,302	1,37,679	1,71,056	2,03,389	1,68,969	2,03,389	2,35,723	2,69,100
55	1,10,736	1,46,171	1,81,606	2,15,934	1,79,392	2,15,934	2,50,262	2,85,698
56-58	1,15,802	1,52,859	1,89,915	2,25,814	1,87,599	2,25,814	2,61,712	2,98,769
59	1,20,828	1,59,493	1,98,158	2,35,615	1,95,741	2,35,615	2,73,071	3,11,736
60	1,25,010	1,65,013	2,05,016	2,43,769	2,02,516	2,43,769	2,82,522	3,22,525
61-63	1,39,606	1,84,279	2,28,953	2,72,231	2,26,161	2,72,231	3,15,509	3,60,183
64	1,47,406	1,94,576	2,41,746	2,87,442	2,38,798	2,87,442	3,33,138	3,80,308
65	1,74,226	2,29,978	2,85,730	3,39,740	2,82,245	3,39,740	3,93,750	4,49,502
Above 65	2,10,896	2,78,383	3,45,870	4,11,248	3,41,652	4,11,248	4,76,625	5,44,112
Sum Insured 100 Lakhs
Age in Yrs/ Family Size	1A	1A+1C	1A+2C	1A+3C	2A	2A+1C	2A+2C	2A+3C
18-28	47,447	62,630	77,813	92,522	76,864	92,522	1,07,230	1,22,413
29	48,633	64,196	79,758	94,835	78,786	94,835	1,09,911	1,25,474
30	49,914	65,887	81,859	97,333	80,861	97,333	1,12,806	1,28,779
31-33	54,517	71,962	89,407	1,06,307	88,317	1,06,307	1,23,208	1,40,653
34	55,940	73,841	91,742	1,09,083	90,623	1,09,083	1,26,424	1,44,325
35	63,010	83,173	1,03,336	1,22,869	1,02,076	1,22,869	1,42,402	1,62,565
36-38	62,677	82,734	1,02,791	1,22,221	1,01,538	1,22,221	1,41,651	1,61,708
39	71,740	94,697	1,17,653	1,39,893	1,16,219	1,39,893	1,62,132	1,85,089
40	78,809	1,04,028	1,29,248	1,53,678	1,27,671	1,53,678	1,78,109	2,03,328
41-43	88,394	1,16,680	1,44,966	1,72,368	1,43,198	1,72,368	1,99,770	2,28,056
44	95,606	1,26,200	1,56,793	1,86,431	1,54,881	1,86,431	2,16,069	2,46,663
45	98,500	1,30,020	1,61,540	1,92,075	1,59,570	1,92,075	2,22,610	2,54,130
46-48	1,05,190	1,38,851	1,72,512	2,05,120	1,70,408	2,05,120	2,37,729	2,71,390
49	1,48,177	1,95,594	2,43,010	2,88,945	2,40,047	2,88,945	3,34,880	3,82,297
50	1,61,794	2,13,568	2,65,343	3,15,499	2,62,107	3,15,499	3,65,655	4,17,429
51	1,57,382	2,07,744	2,58,106	3,06,894	2,54,958	3,06,894	3,55,683	4,06,045
52	1,09,033	1,43,924	1,78,814	2,12,615	1,76,634	2,12,615	2,46,415	2,81,306
53	1,19,424	1,57,640	1,95,856	2,32,877	1,93,467	2,32,877	2,69,898	3,08,114
54	1,23,078	1,62,462	2,01,847	2,40,001	1,99,386	2,40,001	2,78,155	3,17,540
55	1,30,669	1,72,483	2,14,297	2,54,805	2,11,684	2,54,805	2,95,312	3,37,126
56-58	1,36,647	1,80,375	2,24,102	2,66,462	2,21,369	2,66,462	3,08,823	3,52,550
59	1,42,578	1,88,203	2,33,828	2,78,028	2,30,977	2,78,028	3,22,227	3,67,852
60	1,47,513	1,94,717	2,41,921	2,87,650	2,38,971	2,87,650	3,33,379	3,80,583
61-63	1,64,736	2,17,451	2,70,167	3,21,235	2,66,872	3,21,235	3,72,303	4,25,019
64	1,73,941	2,29,602	2,85,263	3,39,184	2,81,784	3,39,184	3,93,106	4,48,767
65	2,05,588	2,71,376	3,37,164	4,00,896	3,33,052	4,00,896	4,64,629	5,30,417
Above 65	2,48,860	3,28,495	4,08,130	4,85,276	4,03,152	4,85,276	5,62,423	6,42,058
